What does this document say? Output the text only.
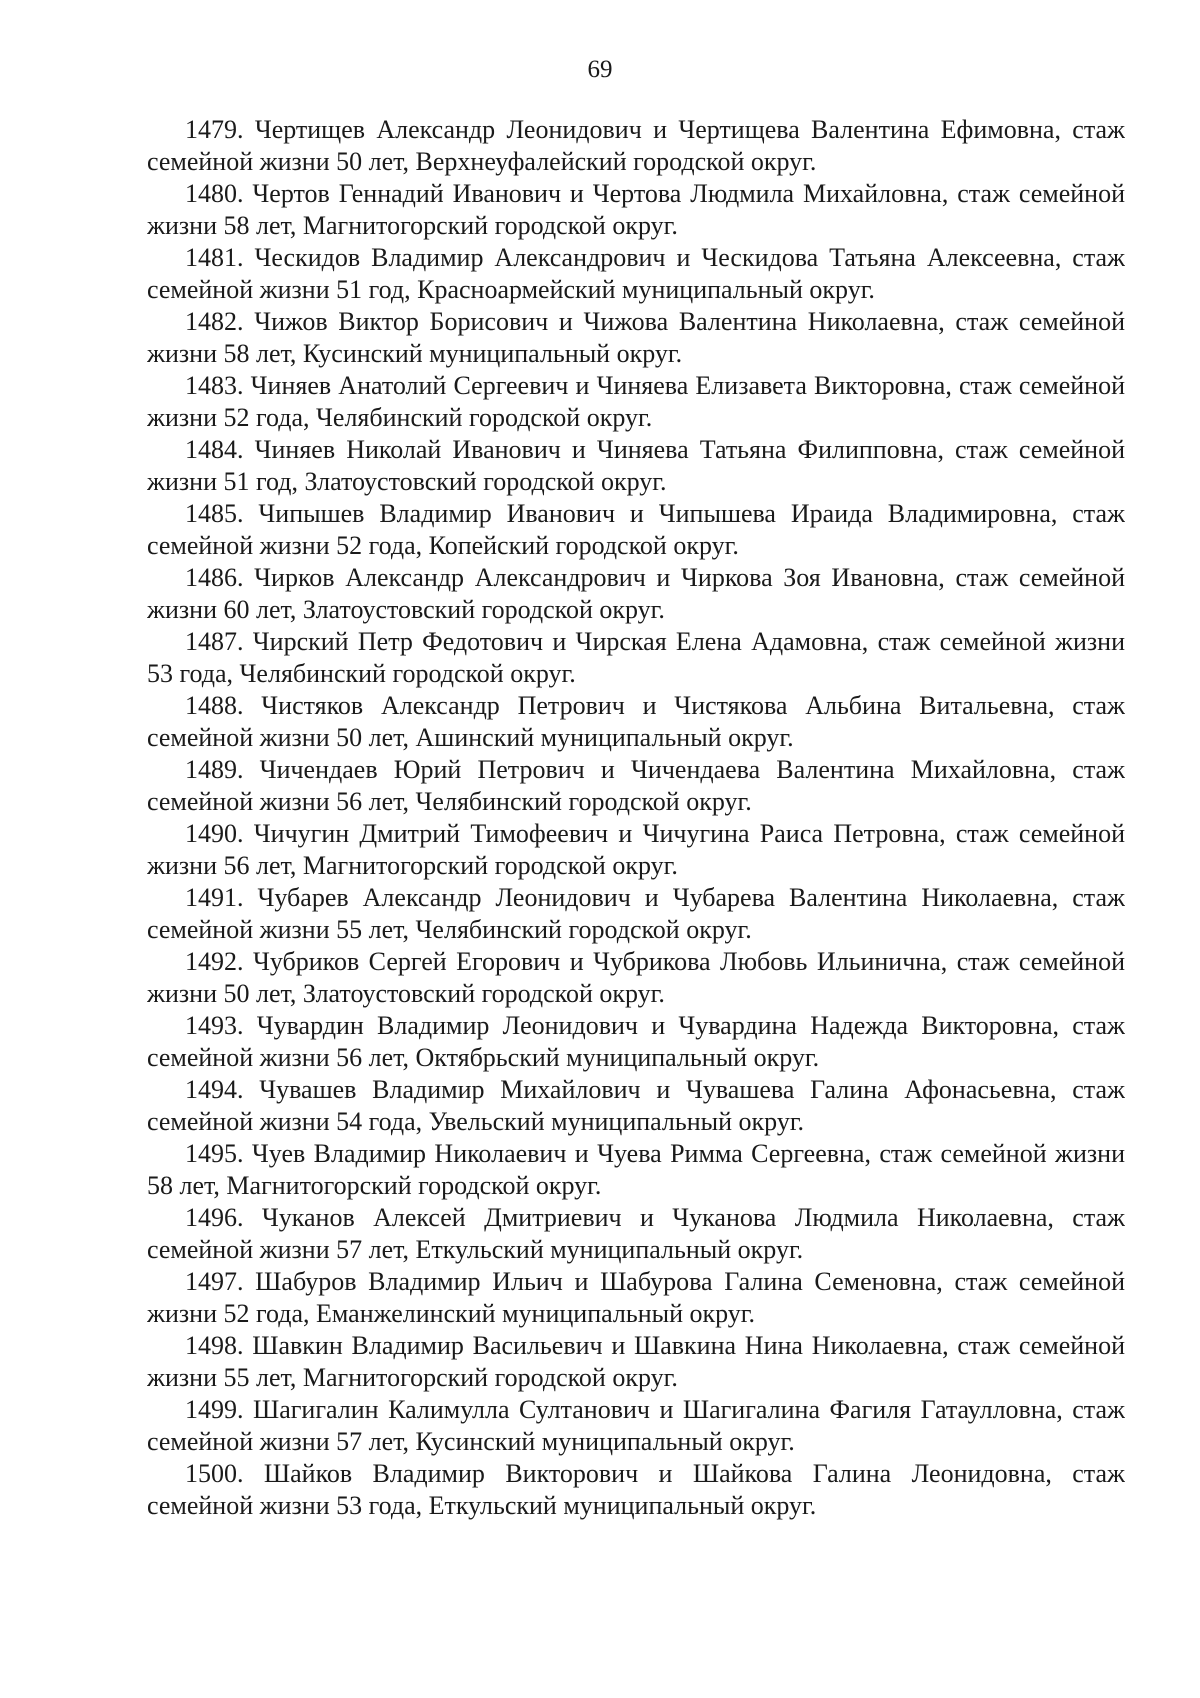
69

1479. Чертищев Александр Леонидович и Чертищева Валентина Ефимовна, стаж семейной жизни 50 лет, Верхнеуфалейский городской округ.

1480. Чертов Геннадий Иванович и Чертова Людмила Михайловна, стаж семейной жизни 58 лет, Магнитогорский городской округ.

1481. Ческидов Владимир Александрович и Ческидова Татьяна Алексеевна, стаж семейной жизни 51 год, Красноармейский муниципальный округ.

1482. Чижов Виктор Борисович и Чижова Валентина Николаевна, стаж семейной жизни 58 лет, Кусинский муниципальный округ.

1483. Чиняев Анатолий Сергеевич и Чиняева Елизавета Викторовна, стаж семейной жизни 52 года, Челябинский городской округ.

1484. Чиняев Николай Иванович и Чиняева Татьяна Филипповна, стаж семейной жизни 51 год, Златоустовский городской округ.

1485. Чипышев Владимир Иванович и Чипышева Ираида Владимировна, стаж семейной жизни 52 года, Копейский городской округ.

1486. Чирков Александр Александрович и Чиркова Зоя Ивановна, стаж семейной жизни 60 лет, Златоустовский городской округ.

1487. Чирский Петр Федотович и Чирская Елена Адамовна, стаж семейной жизни 53 года, Челябинский городской округ.

1488. Чистяков Александр Петрович и Чистякова Альбина Витальевна, стаж семейной жизни 50 лет, Ашинский муниципальный округ.

1489. Чичендаев Юрий Петрович и Чичендаева Валентина Михайловна, стаж семейной жизни 56 лет, Челябинский городской округ.

1490. Чичугин Дмитрий Тимофеевич и Чичугина Раиса Петровна, стаж семейной жизни 56 лет, Магнитогорский городской округ.

1491. Чубарев Александр Леонидович и Чубарева Валентина Николаевна, стаж семейной жизни 55 лет, Челябинский городской округ.

1492. Чубриков Сергей Егорович и Чубрикова Любовь Ильинична, стаж семейной жизни 50 лет, Златоустовский городской округ.

1493. Чувардин Владимир Леонидович и Чувардина Надежда Викторовна, стаж семейной жизни 56 лет, Октябрьский муниципальный округ.

1494. Чувашев Владимир Михайлович и Чувашева Галина Афонасьевна, стаж семейной жизни 54 года, Увельский муниципальный округ.

1495. Чуев Владимир Николаевич и Чуева Римма Сергеевна, стаж семейной жизни 58 лет, Магнитогорский городской округ.

1496. Чуканов Алексей Дмитриевич и Чуканова Людмила Николаевна, стаж семейной жизни 57 лет, Еткульский муниципальный округ.

1497. Шабуров Владимир Ильич и Шабурова Галина Семеновна, стаж семейной жизни 52 года, Еманжелинский муниципальный округ.

1498. Шавкин Владимир Васильевич и Шавкина Нина Николаевна, стаж семейной жизни 55 лет, Магнитогорский городской округ.

1499. Шагигалин Калимулла Султанович и Шагигалина Фагиля Гатаулловна, стаж семейной жизни 57 лет, Кусинский муниципальный округ.

1500. Шайков Владимир Викторович и Шайкова Галина Леонидовна, стаж семейной жизни 53 года, Еткульский муниципальный округ.
